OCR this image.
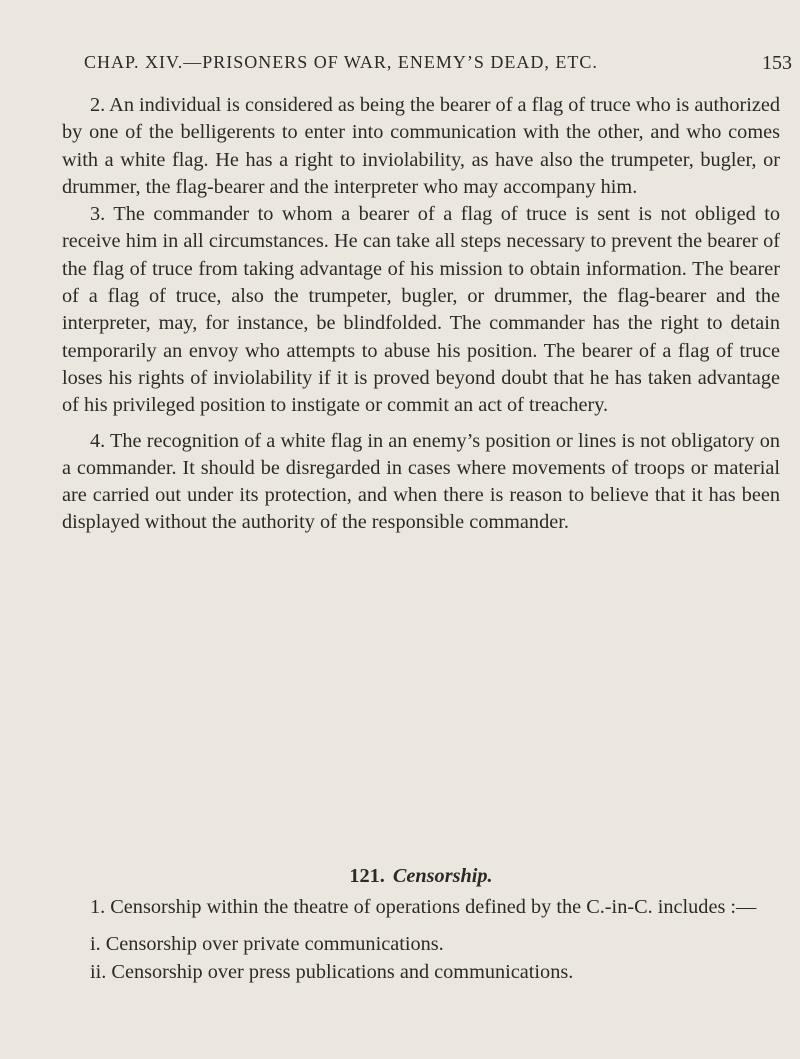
CHAP. XIV.—PRISONERS OF WAR, ENEMY’S DEAD, ETC.	153

2. An individual is considered as being the bearer of a flag of truce who is authorized by one of the belligerents to enter into communication with the other, and who comes with a white flag. He has a right to inviolability, as have also the trumpeter, bugler, or drummer, the flag-bearer and the interpreter who may accompany him.

3. The commander to whom a bearer of a flag of truce is sent is not obliged to receive him in all circumstances. He can take all steps necessary to prevent the bearer of the flag of truce from taking advantage of his mission to obtain information. The bearer of a flag of truce, also the trumpeter, bugler, or drummer, the flag-bearer and the interpreter, may, for instance, be blindfolded. The commander has the right to detain temporarily an envoy who attempts to abuse his position. The bearer of a flag of truce loses his rights of inviolability if it is proved beyond doubt that he has taken advantage of his privileged position to instigate or commit an act of treachery.

4. The recognition of a white flag in an enemy’s position or lines is not obligatory on a commander. It should be disregarded in cases where movements of troops or material are carried out under its protection, and when there is reason to believe that it has been displayed without the authority of the responsible commander.

121. Censorship.

1. Censorship within the theatre of operations defined by the C.-in-C. includes :—

i. Censorship over private communications.

ii. Censorship over press publications and communications.
